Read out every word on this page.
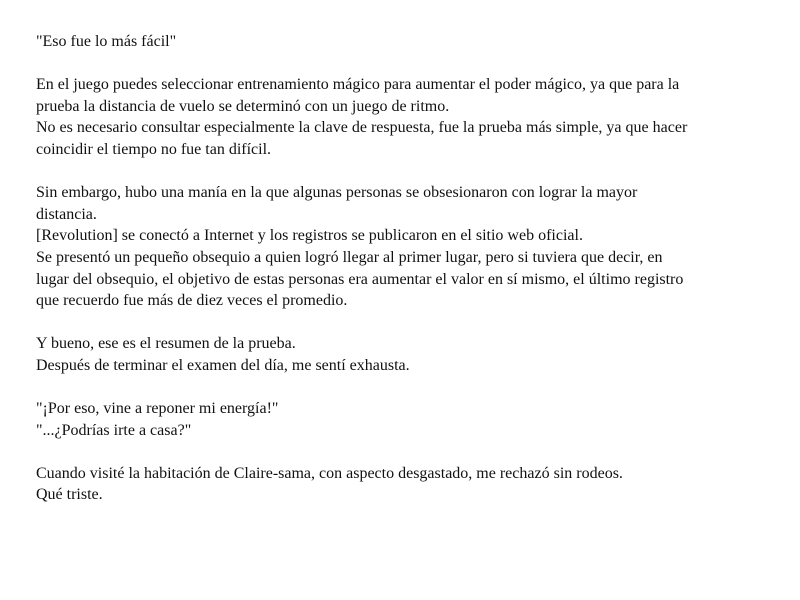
"Eso fue lo más fácil"

En el juego puedes seleccionar entrenamiento mágico para aumentar el poder mágico, ya que para la
prueba la distancia de vuelo se determinó con un juego de ritmo.
No es necesario consultar especialmente la clave de respuesta, fue la prueba más simple, ya que hacer
coincidir el tiempo no fue tan difícil.

Sin embargo, hubo una manía en la que algunas personas se obsesionaron con lograr la mayor
distancia.
[Revolution] se conectó a Internet y los registros se publicaron en el sitio web oficial.
Se presentó un pequeño obsequio a quien logró llegar al primer lugar, pero si tuviera que decir, en
lugar del obsequio, el objetivo de estas personas era aumentar el valor en sí mismo, el último registro
que recuerdo fue más de diez veces el promedio.

Y bueno, ese es el resumen de la prueba.
Después de terminar el examen del día, me sentí exhausta.

"¡Por eso, vine a reponer mi energía!"
"...¿Podrías irte a casa?"

Cuando visité la habitación de Claire-sama, con aspecto desgastado, me rechazó sin rodeos.
Qué triste.
